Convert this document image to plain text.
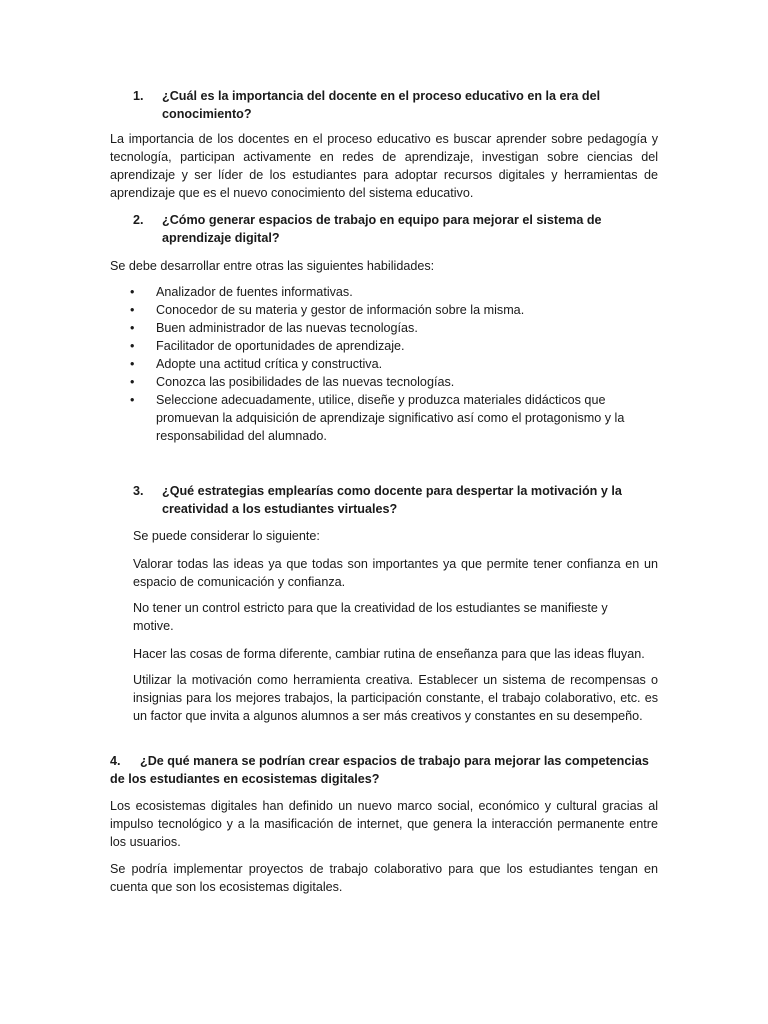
1. ¿Cuál es la importancia del docente en el proceso educativo en la era del conocimiento?

La importancia de los docentes en el proceso educativo es buscar aprender sobre pedagogía y tecnología, participan activamente en redes de aprendizaje, investigan sobre ciencias del aprendizaje y ser líder de los estudiantes para adoptar recursos digitales y herramientas de aprendizaje que es el nuevo conocimiento del sistema educativo.

2. ¿Cómo generar espacios de trabajo en equipo para mejorar el sistema de aprendizaje digital?

Se debe desarrollar entre otras las siguientes habilidades:

• Analizador de fuentes informativas.
• Conocedor de su materia y gestor de información sobre la misma.
• Buen administrador de las nuevas tecnologías.
• Facilitador de oportunidades de aprendizaje.
• Adopte una actitud crítica y constructiva.
• Conozca las posibilidades de las nuevas tecnologías.
• Seleccione adecuadamente, utilice, diseñe y produzca materiales didácticos que promuevan la adquisición de aprendizaje significativo así como el protagonismo y la responsabilidad del alumnado.
3. ¿Qué estrategias emplearías como docente para despertar la motivación y la creatividad a los estudiantes virtuales?

Se puede considerar lo siguiente:

Valorar todas las ideas ya que todas son importantes ya que permite tener confianza en un espacio de comunicación y confianza.

No tener un control estricto para que la creatividad de los estudiantes se manifieste y motive.

Hacer las cosas de forma diferente, cambiar rutina de enseñanza para que las ideas fluyan.

Utilizar la motivación como herramienta creativa. Establecer un sistema de recompensas o insignias para los mejores trabajos, la participación constante, el trabajo colaborativo, etc. es un factor que invita a algunos alumnos a ser más creativos y constantes en su desempeño.

4.	¿De qué manera se podrían crear espacios de trabajo para mejorar las competencias de los estudiantes en ecosistemas digitales?

Los ecosistemas digitales han definido un nuevo marco social, económico y cultural gracias al impulso tecnológico y a la masificación de internet, que genera la interacción permanente entre los usuarios.

Se podría implementar proyectos de trabajo colaborativo para que los estudiantes tengan en cuenta que son los ecosistemas digitales.
